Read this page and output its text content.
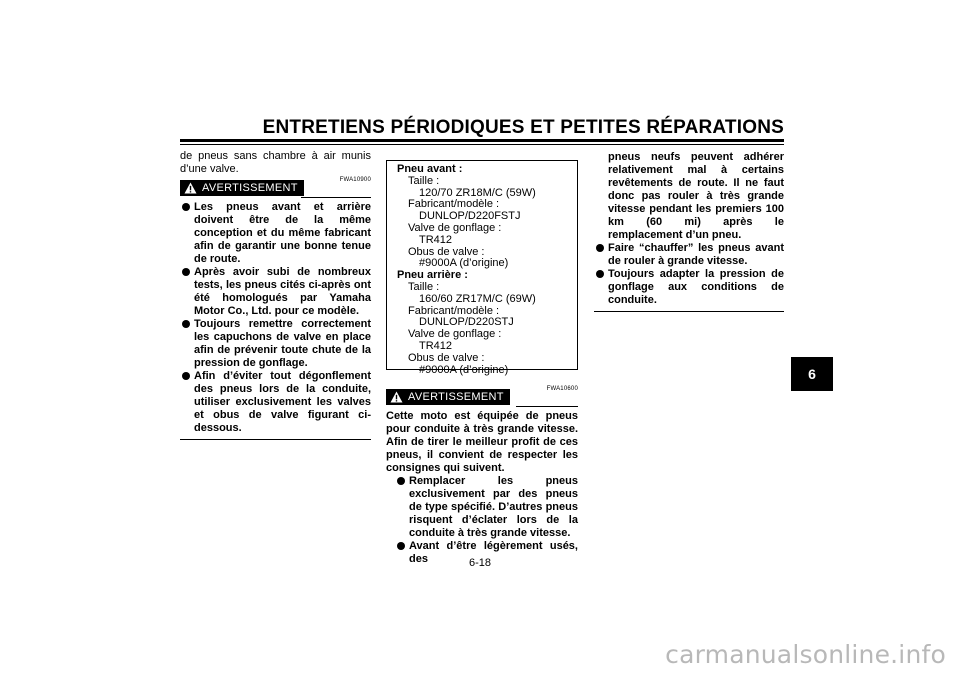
ENTRETIENS PÉRIODIQUES ET PETITES RÉPARATIONS
6

de pneus sans chambre à air munis d’une valve.

AVERTISSEMENT
FWA10900
Les pneus avant et arrière doivent être de la même conception et du même fabricant afin de garantir une bonne tenue de route.
Après avoir subi de nombreux tests, les pneus cités ci-après ont été homologués par Yamaha Motor Co., Ltd. pour ce modèle.
Toujours remettre correctement les capuchons de valve en place afin de prévenir toute chute de la pression de gonflage.
Afin d’éviter tout dégonflement des pneus lors de la conduite, utiliser exclusivement les valves et obus de valve figurant ci-dessous.
Pneu avant :
Taille :
120/70 ZR18M/C (59W)
Fabricant/modèle :
DUNLOP/D220FSTJ
Valve de gonflage :
TR412
Obus de valve :
#9000A (d’origine)
Pneu arrière :
Taille :
160/60 ZR17M/C (69W)
Fabricant/modèle :
DUNLOP/D220STJ
Valve de gonflage :
TR412
Obus de valve :
#9000A (d’origine)
AVERTISSEMENT
FWA10600

Cette moto est équipée de pneus pour conduite à très grande vitesse. Afin de tirer le meilleur profit de ces pneus, il convient de respecter les consignes qui suivent.

Remplacer les pneus exclusivement par des pneus de type spécifié. D’autres pneus risquent d’éclater lors de la conduite à très grande vitesse.
Avant d’être légèrement usés, des
pneus neufs peuvent adhérer relativement mal à certains revêtements de route. Il ne faut donc pas rouler à très grande vitesse pendant les premiers 100 km (60 mi) après le remplacement d’un pneu.
Faire “chauffer” les pneus avant de rouler à grande vitesse.
Toujours adapter la pression de gonflage aux conditions de conduite.
6-18
carmanualsonline.info
